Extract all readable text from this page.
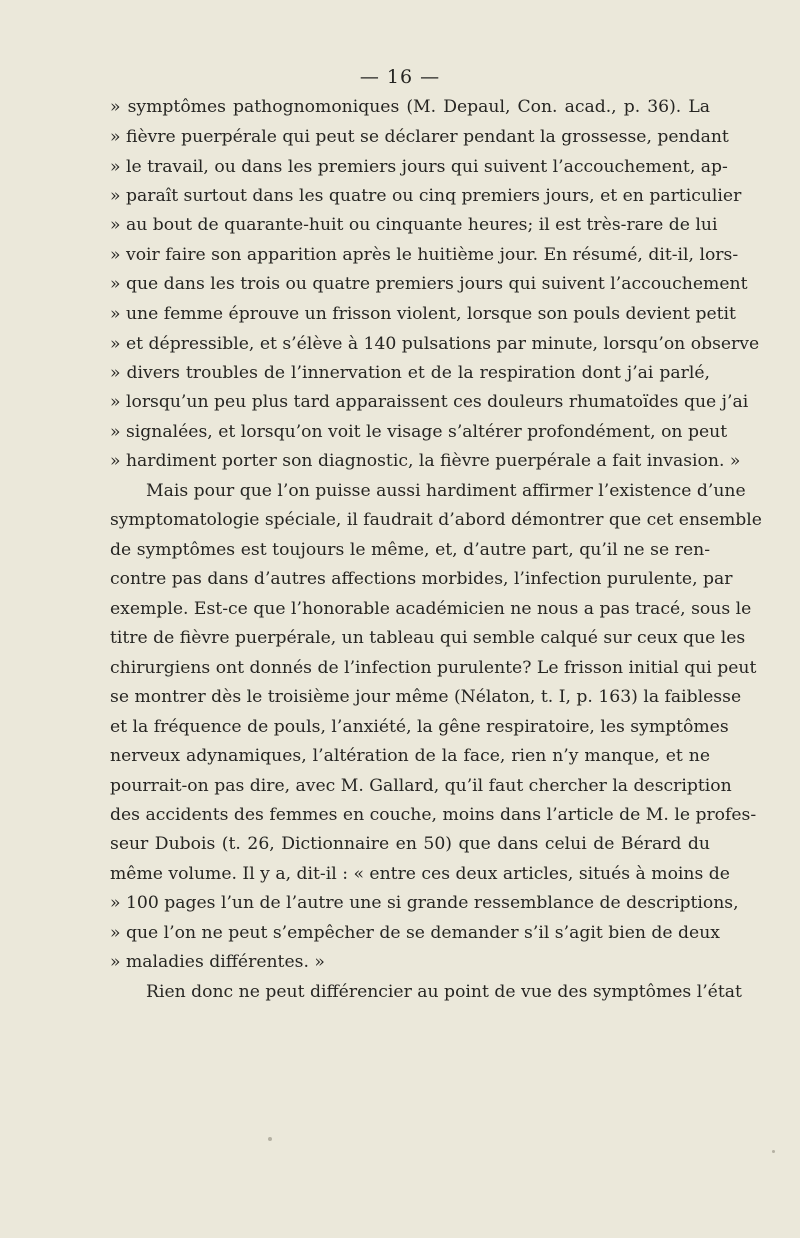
— 16 —
» symptômes pathognomoniques (M. Depaul, Con. acad., p. 36). La
» fièvre puerpérale qui peut se déclarer pendant la grossesse, pendant
» le travail, ou dans les premiers jours qui suivent l’accouchement, ap-
» paraît surtout dans les quatre ou cinq premiers jours, et en particulier
» au bout de quarante-huit ou cinquante heures; il est très-rare de lui
» voir faire son apparition après le huitième jour. En résumé, dit-il, lors-
» que dans les trois ou quatre premiers jours qui suivent l’accouchement
» une femme éprouve un frisson violent, lorsque son pouls devient petit
» et dépressible, et s’élève à 140 pulsations par minute, lorsqu’on observe
» divers troubles de l’innervation et de la respiration dont j’ai parlé,
» lorsqu’un peu plus tard apparaissent ces douleurs rhumatoïdes que j’ai
» signalées, et lorsqu’on voit le visage s’altérer profondément, on peut
» hardiment porter son diagnostic, la fièvre puerpérale a fait invasion. »
Mais pour que l’on puisse aussi hardiment affirmer l’existence d’une
symptomatologie spéciale, il faudrait d’abord démontrer que cet ensemble
de symptômes est toujours le même, et, d’autre part, qu’il ne se ren-
contre pas dans d’autres affections morbides, l’infection purulente, par
exemple. Est-ce que l’honorable académicien ne nous a pas tracé, sous le
titre de fièvre puerpérale, un tableau qui semble calqué sur ceux que les
chirurgiens ont donnés de l’infection purulente? Le frisson initial qui peut
se montrer dès le troisième jour même (Nélaton, t. I, p. 163) la faiblesse
et la fréquence de pouls, l’anxiété, la gêne respiratoire, les symptômes
nerveux adynamiques, l’altération de la face, rien n’y manque, et ne
pourrait-on pas dire, avec M. Gallard, qu’il faut chercher la description
des accidents des femmes en couche, moins dans l’article de M. le profes-
seur Dubois (t. 26, Dictionnaire en 50) que dans celui de Bérard du
même volume. Il y a, dit-il : « entre ces deux articles, situés à moins de
» 100 pages l’un de l’autre une si grande ressemblance de descriptions,
» que l’on ne peut s’empêcher de se demander s’il s’agit bien de deux
» maladies différentes. »
Rien donc ne peut différencier au point de vue des symptômes l’état
